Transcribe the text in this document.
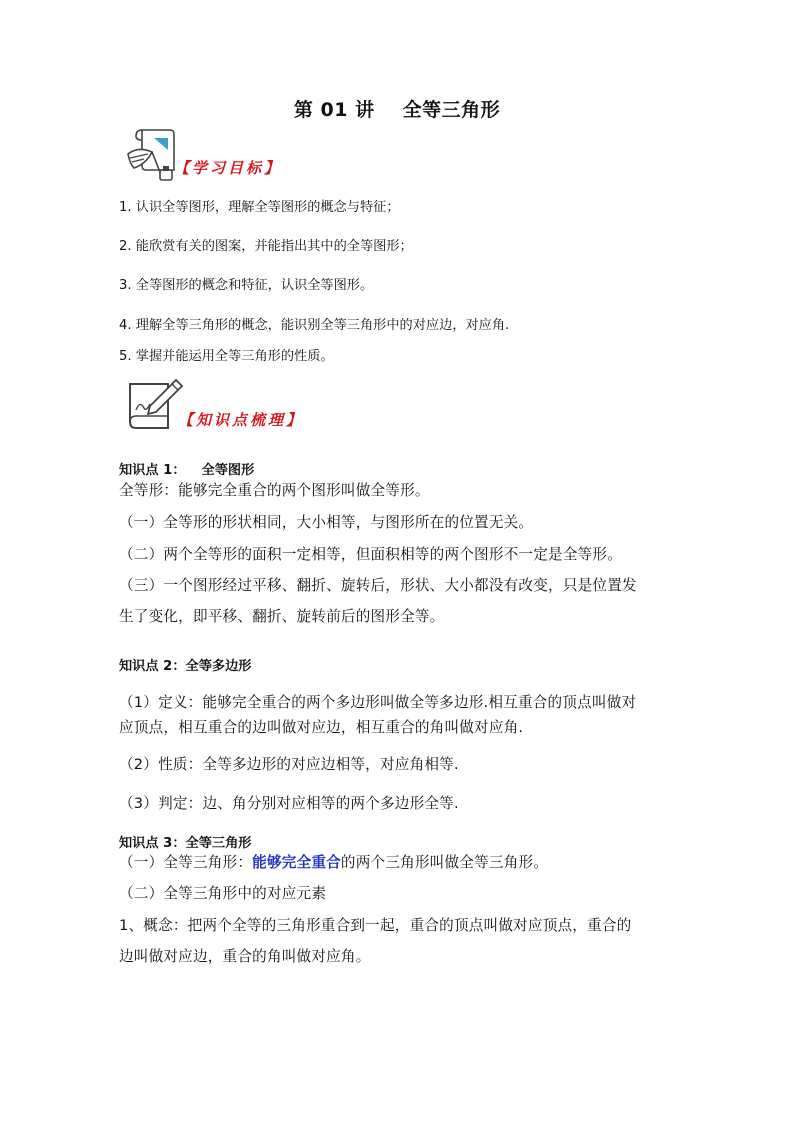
第 01 讲 全等三角形
【学习目标】
1. 认识全等图形，理解全等图形的概念与特征；
2. 能欣赏有关的图案，并能指出其中的全等图形；
3. 全等图形的概念和特征，认识全等图形。
4. 理解全等三角形的概念，能识别全等三角形中的对应边，对应角.
5. 掌握并能运用全等三角形的性质。
【知识点梳理】
知识点 1： 全等图形
全等形：能够完全重合的两个图形叫做全等形。
（一）全等形的形状相同，大小相等，与图形所在的位置无关。
（二）两个全等形的面积一定相等，但面积相等的两个图形不一定是全等形。
（三）一个图形经过平移、翻折、旋转后，形状、大小都没有改变，只是位置发
生了变化，即平移、翻折、旋转前后的图形全等。
知识点 2：全等多边形
（1）定义：能够完全重合的两个多边形叫做全等多边形.相互重合的顶点叫做对
应顶点，相互重合的边叫做对应边，相互重合的角叫做对应角.
（2）性质：全等多边形的对应边相等，对应角相等.
（3）判定：边、角分别对应相等的两个多边形全等.
知识点 3：全等三角形
（一）全等三角形：能够完全重合的两个三角形叫做全等三角形。
（二）全等三角形中的对应元素
1、概念：把两个全等的三角形重合到一起，重合的顶点叫做对应顶点，重合的
边叫做对应边，重合的角叫做对应角。
